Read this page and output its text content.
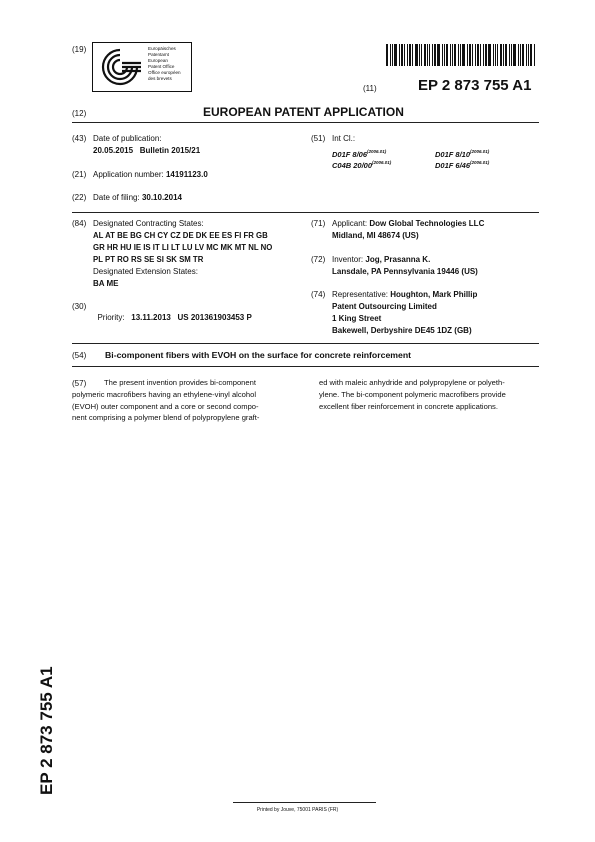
(19)	Europäisches
Patentamt
European
Patent Office
Office européen
des brevets
(11)	EP 2 873 755 A1
(12)	EUROPEAN PATENT APPLICATION
(43) Date of publication:
20.05.2015   Bulletin 2015/21
(51) Int Cl.:
D01F $8/06^{(2006.01)}$	D01F $8/10^{(2006.01)}$
C04B $20/00^{(2006.01)}$	D01F $6/46^{(2006.01)}$
(21) Application number: 14191123.0
(22) Date of filing: 30.10.2014
(84) Designated Contracting States:
AL AT BE BG CH CY CZ DE DK EE ES FI FR GB
GR HR HU IE IS IT LI LT LU LV MC MK MT NL NO
PL PT RO RS SE SI SK SM TR
Designated Extension States:
BA ME
(30)

Priority: 13.11.2013   US 201361903453 P

(71) Applicant: Dow Global Technologies LLC
Midland, MI 48674 (US)
(72) Inventor: Jog, Prasanna K.
Lansdale, PA Pennsylvania 19446 (US)
(74) Representative: Houghton, Mark Phillip
Patent Outsourcing Limited
1 King Street
Bakewell, Derbyshire DE45 1DZ (GB)
(54) Bi-component fibers with EVOH on the surface for concrete reinforcement
(57)	The present invention provides bi-component
polymeric macrofibers having an ethylene-vinyl alcohol
(EVOH) outer component and a core or second compo-
nent comprising a polymer blend of polypropylene graft-
ed with maleic anhydride and polypropylene or polyeth-
ylene. The bi-component polymeric macrofibers provide
excellent fiber reinforcement in concrete applications.
EP 2 873 755 A1
Printed by Jouve, 75001 PARIS (FR)
